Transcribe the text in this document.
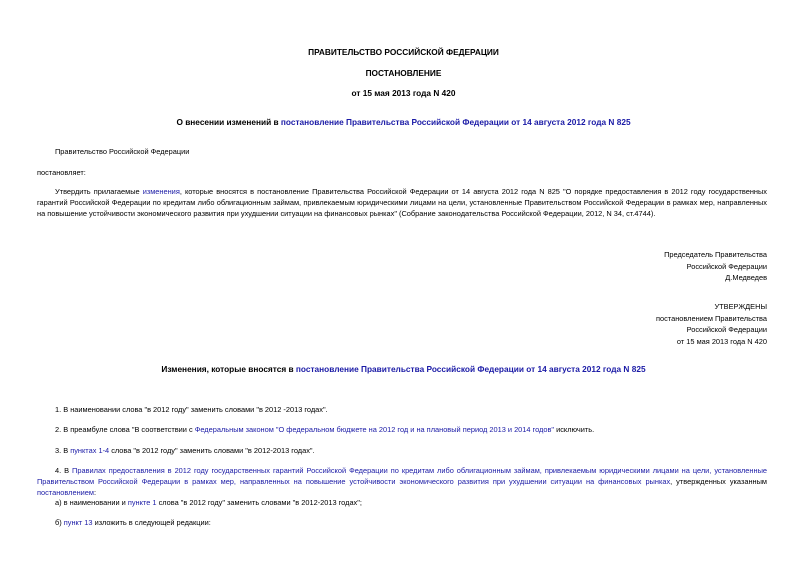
ПРАВИТЕЛЬСТВО РОССИЙСКОЙ ФЕДЕРАЦИИ
ПОСТАНОВЛЕНИЕ
от 15 мая 2013 года N 420
О внесении изменений в постановление Правительства Российской Федерации от 14 августа 2012 года N 825
Правительство Российской Федерации
постановляет:
Утвердить прилагаемые изменения, которые вносятся в постановление Правительства Российской Федерации от 14 августа 2012 года N 825 "О порядке предоставления в 2012 году государственных гарантий Российской Федерации по кредитам либо облигационным займам, привлекаемым юридическими лицами на цели, установленные Правительством Российской Федерации в рамках мер, направленных на повышение устойчивости экономического развития при ухудшении ситуации на финансовых рынках" (Собрание законодательства Российской Федерации, 2012, N 34, ст.4744).
Председатель Правительства
Российской Федерации
Д.Медведев
УТВЕРЖДЕНЫ
постановлением Правительства
Российской Федерации
от 15 мая 2013 года N 420
Изменения, которые вносятся в постановление Правительства Российской Федерации от 14 августа 2012 года N 825
1. В наименовании слова "в 2012 году" заменить словами "в 2012 -2013 годах".
2. В преамбуле слова "В соответствии с Федеральным законом "О федеральном бюджете на 2012 год и на плановый период 2013 и 2014 годов" исключить.
3. В пунктах 1-4 слова "в 2012 году" заменить словами "в 2012-2013 годах".
4. В Правилах предоставления в 2012 году государственных гарантий Российской Федерации по кредитам либо облигационным займам, привлекаемым юридическими лицами на цели, установленные Правительством Российской Федерации в рамках мер, направленных на повышение устойчивости экономического развития при ухудшении ситуации на финансовых рынках, утвержденных указанным постановлением:
а) в наименовании и пункте 1 слова "в 2012 году" заменить словами "в 2012-2013 годах";
б) пункт 13 изложить в следующей редакции:
